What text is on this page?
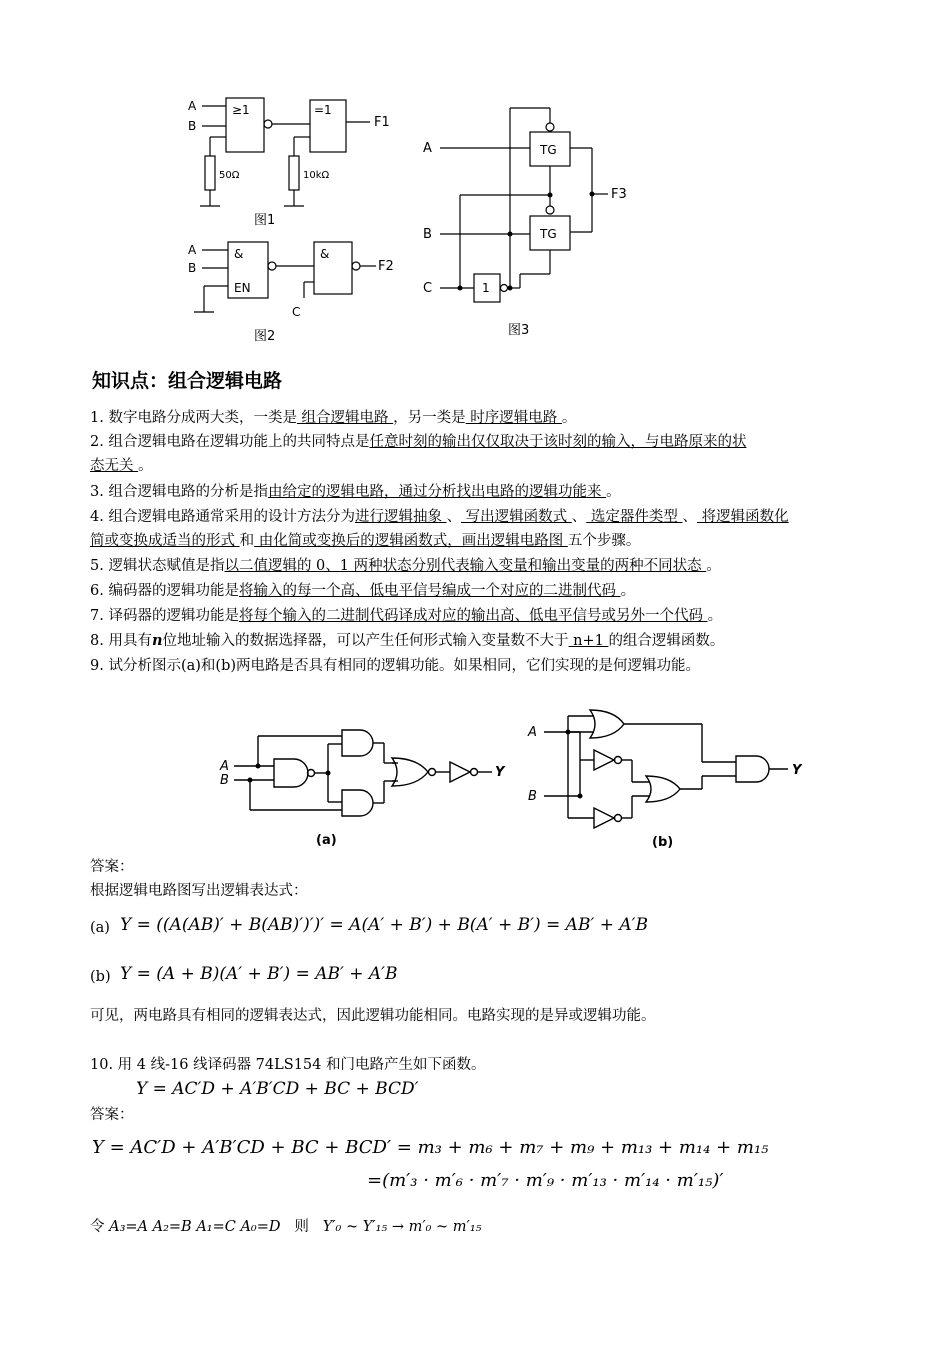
A
B
≥1	=1
F1
50Ω	10kΩ
图1
A
B
&
EN
&
F2
C
图2
A
B
C
TG
TG
1
F3
图3
知识点：组合逻辑电路
1. 数字电路分成两大类，一类是 组合逻辑电路 ，另一类是 时序逻辑电路 。
2. 组合逻辑电路在逻辑功能上的共同特点是任意时刻的输出仅仅取决于该时刻的输入，与电路原来的状
态无关 。
3. 组合逻辑电路的分析是指由给定的逻辑电路，通过分析找出电路的逻辑功能来 。
4. 组合逻辑电路通常采用的设计方法分为进行逻辑抽象 、 写出逻辑函数式 、 选定器件类型 、 将逻辑函数化
简或变换成适当的形式 和 由化简或变换后的逻辑函数式，画出逻辑电路图 五个步骤。
5. 逻辑状态赋值是指以二值逻辑的 0、1 两种状态分别代表输入变量和输出变量的两种不同状态 。
6. 编码器的逻辑功能是将输入的每一个高、低电平信号编成一个对应的二进制代码 。
7. 译码器的逻辑功能是将每个输入的二进制代码译成对应的输出高、低电平信号或另外一个代码 。
8. 用具有n位地址输入的数据选择器，可以产生任何形式输入变量数不大于 n+1 的组合逻辑函数。
9. 试分析图示(a)和(b)两电路是否具有相同的逻辑功能。如果相同，它们实现的是何逻辑功能。
A
B
Y
(a)
A
B
Y
(b)
答案：
根据逻辑电路图写出逻辑表达式：
(a) Y = ((A(AB)′ + B(AB)′)′)′ = A(A′ + B′) + B(A′ + B′) = AB′ + A′B
(b) Y = (A + B)(A′ + B′) = AB′ + A′B
可见，两电路具有相同的逻辑表达式，因此逻辑功能相同。电路实现的是异或逻辑功能。
10. 用 4 线-16 线译码器 74LS154 和门电路产生如下函数。
Y = AC′D + A′B′CD + BC + BCD′
答案：
Y = AC′D + A′B′CD + BC + BCD′ = m₃ + m₆ + m₇ + m₉ + m₁₃ + m₁₄ + m₁₅
=(m′₃ · m′₆ · m′₇ · m′₉ · m′₁₃ · m′₁₄ · m′₁₅)′
令 A₃=A A₂=B A₁=C A₀=D 则 Y′₀ ~ Y′₁₅ → m′₀ ~ m′₁₅
